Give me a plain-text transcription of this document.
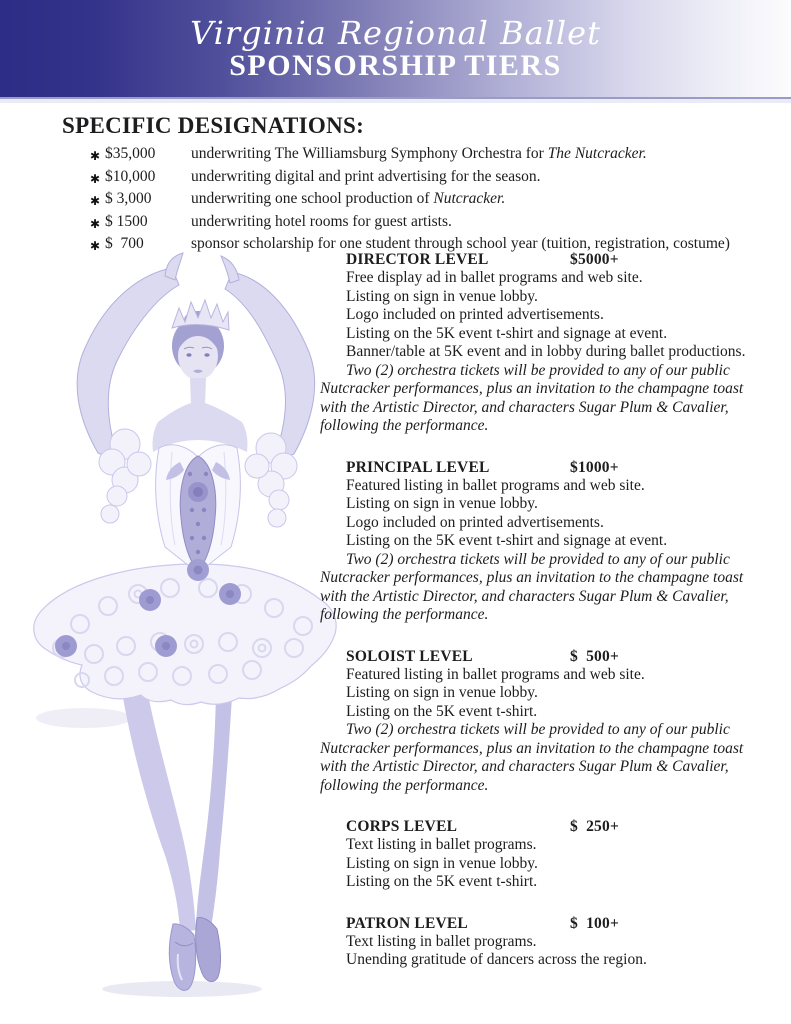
Virginia Regional Ballet
SPONSORSHIP TIERS
SPECIFIC DESIGNATIONS:
✱ $35,000	underwriting The Williamsburg Symphony Orchestra for The Nutcracker.
✱ $10,000	underwriting digital and print advertising for the season.
✱ $ 3,000	underwriting one school production of Nutcracker.
✱ $ 1500	underwriting hotel rooms for guest artists.
✱ $  700	sponsor scholarship for one student through school year (tuition, registration, costume)
DIRECTOR LEVEL	$5000+

Free display ad in ballet programs and web site.

Listing on sign in venue lobby.

Logo included on printed advertisements.

Listing on the 5K event t-shirt and signage at event.

Banner/table at 5K event and in lobby during ballet productions.

Two (2) orchestra tickets will be provided to any of our public Nutcracker performances, plus an invitation to the champagne toast with the Artistic Director, and characters Sugar Plum & Cavalier, following the performance.

PRINCIPAL LEVEL	$1000+

Featured listing in ballet programs and web site.

Listing on sign in venue lobby.

Logo included on printed advertisements.

Listing on the 5K event t-shirt and signage at event.

Two (2) orchestra tickets will be provided to any of our public Nutcracker performances, plus an invitation to the champagne toast with the Artistic Director, and characters Sugar Plum & Cavalier, following the performance.

SOLOIST LEVEL	$  500+

Featured listing in ballet programs and web site.

Listing on sign in venue lobby.

Listing on the 5K event t-shirt.

Two (2) orchestra tickets will be provided to any of our public Nutcracker performances, plus an invitation to the champagne toast with the Artistic Director, and characters Sugar Plum & Cavalier, following the performance.

CORPS LEVEL	$  250+

Text listing in ballet programs.

Listing on sign in venue lobby.

Listing on the 5K event t-shirt.

PATRON LEVEL	$  100+

Text listing in ballet programs.

Unending gratitude of dancers across the region.
